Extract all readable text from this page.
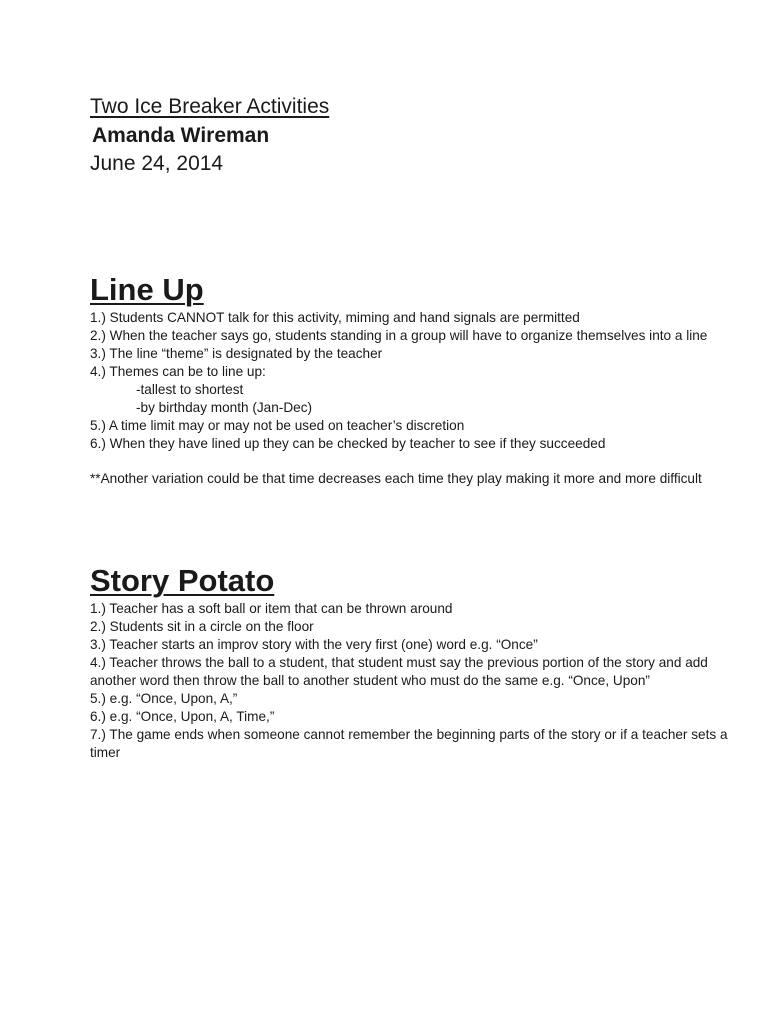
Two Ice Breaker Activities
Amanda Wireman
June 24, 2014
Line Up

1.) Students CANNOT talk for this activity, miming and hand signals are permitted

2.) When the teacher says go, students standing in a group will have to organize themselves into a line

3.) The line “theme” is designated by the teacher

4.) Themes can be to line up:

-tallest to shortest

-by birthday month (Jan-Dec)

5.) A time limit may or may not be used on teacher’s discretion

6.) When they have lined up they can be checked by teacher to see if they succeeded

**Another variation could be that time decreases each time they play making it more and more difficult

Story Potato

1.) Teacher has a soft ball or item that can be thrown around

2.) Students sit in a circle on the floor

3.) Teacher starts an improv story with the very first (one) word e.g. “Once”

4.) Teacher throws the ball to a student, that student must say the previous portion of the story and add another word then throw the ball to another student who must do the same e.g. “Once, Upon”

5.) e.g. “Once, Upon, A,”

6.) e.g. “Once, Upon, A, Time,”

7.) The game ends when someone cannot remember the beginning parts of the story or if a teacher sets a timer
